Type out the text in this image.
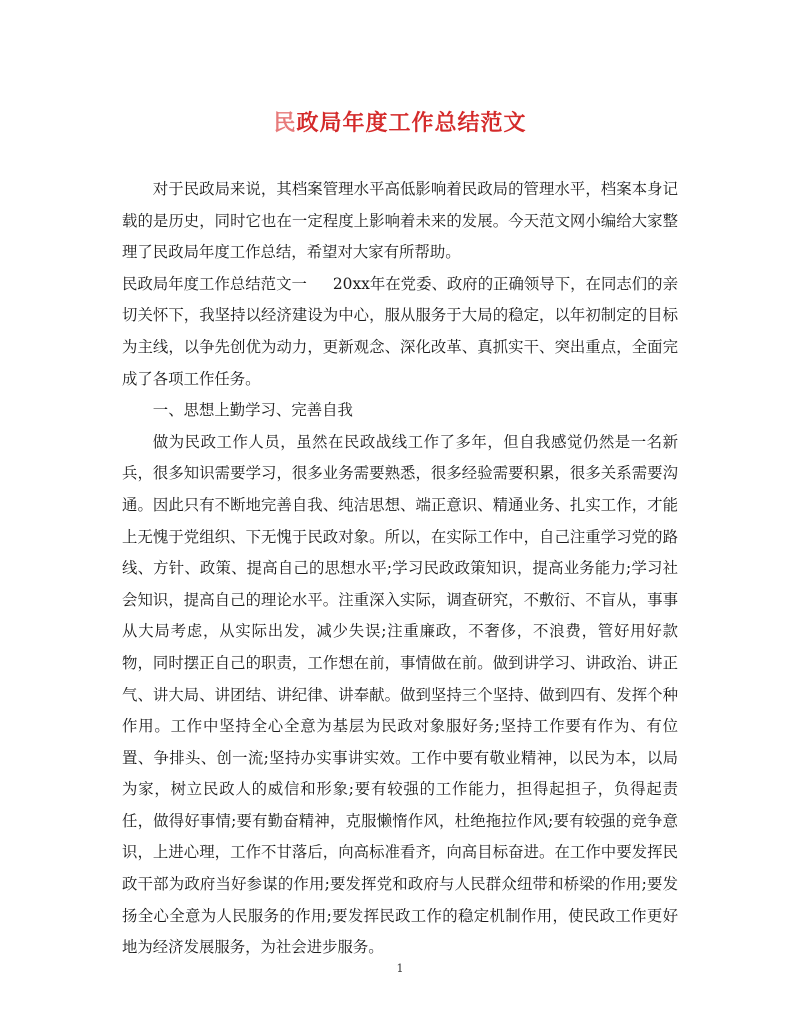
民政局年度工作总结范文

对于民政局来说，其档案管理水平高低影响着民政局的管理水平，档案本身记载的是历史，同时它也在一定程度上影响着未来的发展。今天范文网小编给大家整理了民政局年度工作总结，希望对大家有所帮助。

民政局年度工作总结范文一 20xx年在党委、政府的正确领导下，在同志们的亲切关怀下，我坚持以经济建设为中心，服从服务于大局的稳定，以年初制定的目标为主线，以争先创优为动力，更新观念、深化改革、真抓实干、突出重点，全面完成了各项工作任务。

一、思想上勤学习、完善自我

做为民政工作人员，虽然在民政战线工作了多年，但自我感觉仍然是一名新兵，很多知识需要学习，很多业务需要熟悉，很多经验需要积累，很多关系需要沟通。因此只有不断地完善自我、纯洁思想、端正意识、精通业务、扎实工作，才能上无愧于党组织、下无愧于民政对象。所以，在实际工作中，自己注重学习党的路线、方针、政策、提高自己的思想水平;学习民政政策知识，提高业务能力;学习社会知识，提高自己的理论水平。注重深入实际，调查研究，不敷衍、不盲从，事事从大局考虑，从实际出发，减少失误;注重廉政，不奢侈，不浪费，管好用好款物，同时摆正自己的职责，工作想在前，事情做在前。做到讲学习、讲政治、讲正气、讲大局、讲团结、讲纪律、讲奉献。做到坚持三个坚持、做到四有、发挥个种作用。工作中坚持全心全意为基层为民政对象服好务;坚持工作要有作为、有位置、争排头、创一流;坚持办实事讲实效。工作中要有敬业精神，以民为本，以局为家，树立民政人的威信和形象;要有较强的工作能力，担得起担子，负得起责任，做得好事情;要有勤奋精神，克服懒惰作风，杜绝拖拉作风;要有较强的竞争意识，上进心理，工作不甘落后，向高标准看齐，向高目标奋进。在工作中要发挥民政干部为政府当好参谋的作用;要发挥党和政府与人民群众纽带和桥梁的作用;要发扬全心全意为人民服务的作用;要发挥民政工作的稳定机制作用，使民政工作更好地为经济发展服务，为社会进步服务。

1
